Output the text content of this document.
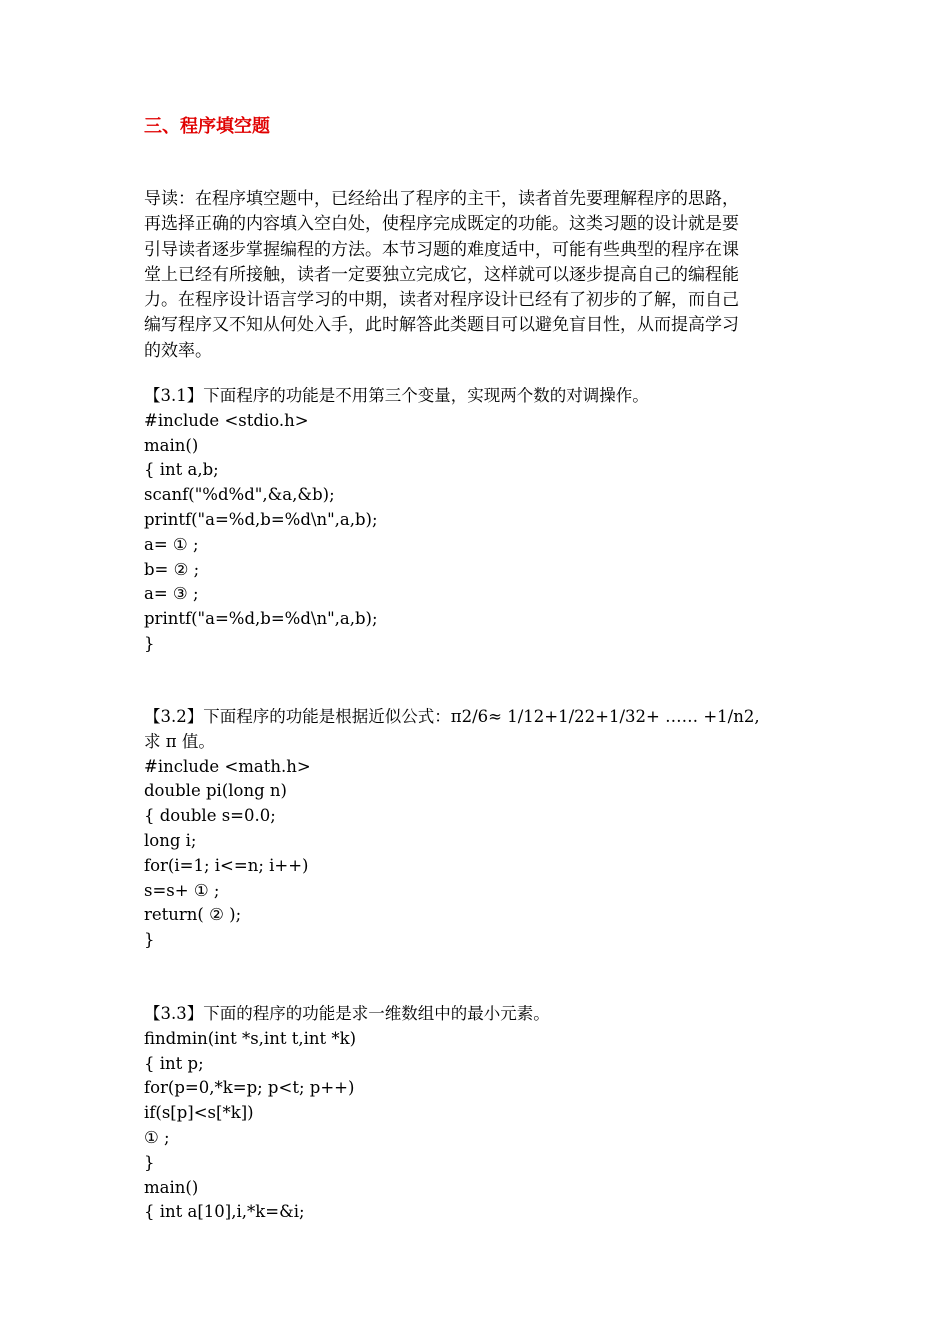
三、程序填空题

导读：在程序填空题中，已经给出了程序的主干，读者首先要理解程序的思路，

再选择正确的内容填入空白处，使程序完成既定的功能。这类习题的设计就是要

引导读者逐步掌握编程的方法。本节习题的难度适中，可能有些典型的程序在课

堂上已经有所接触，读者一定要独立完成它，这样就可以逐步提高自己的编程能

力。在程序设计语言学习的中期，读者对程序设计已经有了初步的了解，而自己

编写程序又不知从何处入手，此时解答此类题目可以避免盲目性，从而提高学习

的效率。

【3.1】下面程序的功能是不用第三个变量，实现两个数的对调操作。
#include <stdio.h>
main()
{ int a,b;
scanf("%d%d",&a,&b);
printf("a=%d,b=%d\n",a,b);
a= ① ;
b= ② ;
a= ③ ;
printf("a=%d,b=%d\n",a,b);
}
【3.2】下面程序的功能是根据近似公式：π2/6≈ 1/12+1/22+1/32+ …… +1/n2,
求 π 值。
#include <math.h>
double pi(long n)
{ double s=0.0;
long i;
for(i=1; i<=n; i++)
s=s+ ① ;
return( ② );
}
【3.3】下面的程序的功能是求一维数组中的最小元素。
findmin(int *s,int t,int *k)
{ int p;
for(p=0,*k=p; p<t; p++)
if(s[p]<s[*k])
① ;
}
main()
{ int a[10],i,*k=&i;
